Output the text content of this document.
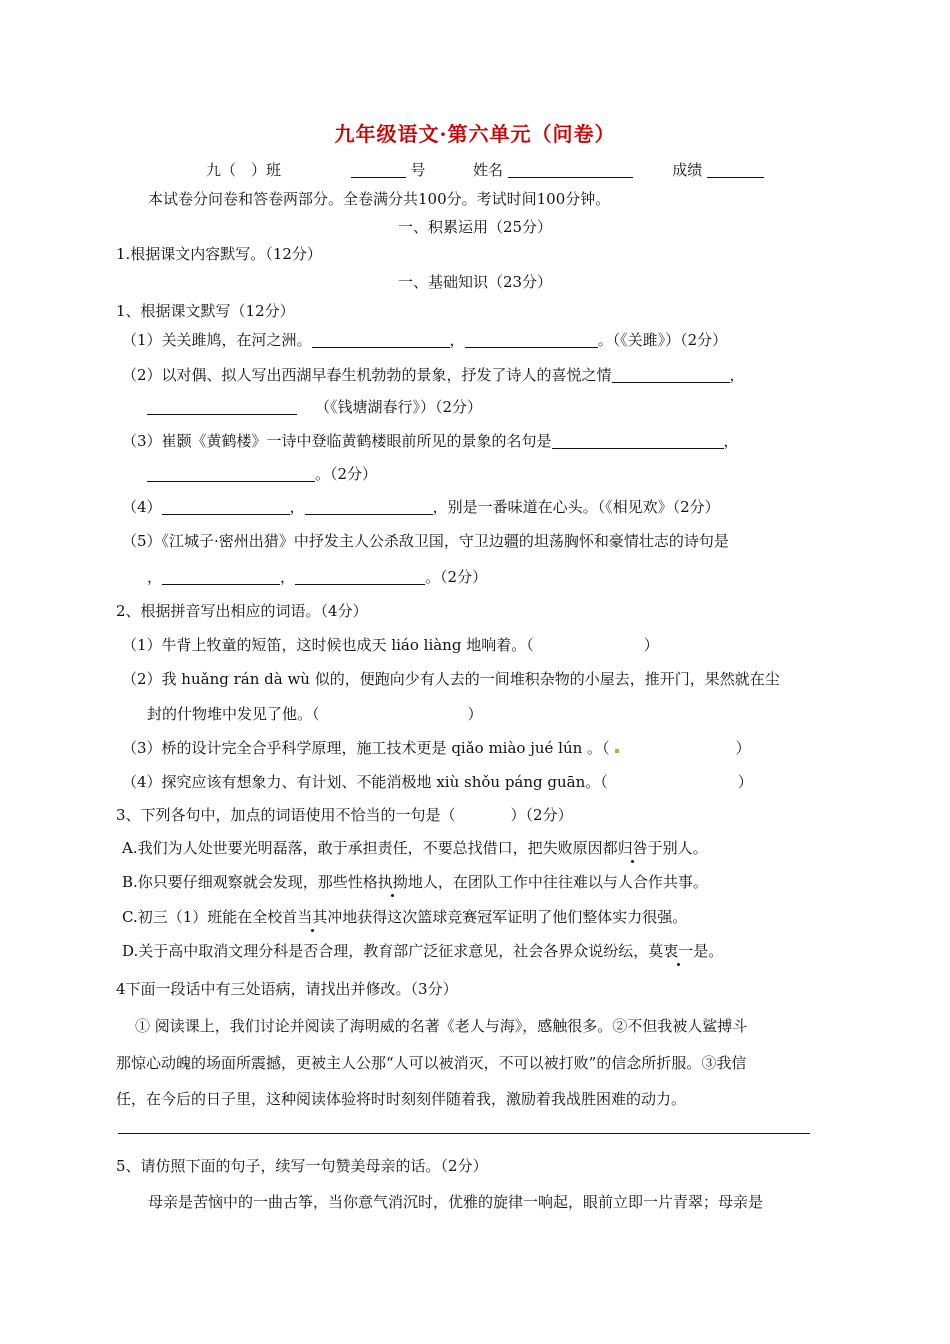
九年级语文·第六单元（问卷）
九（　）班	号	姓名	成绩
本试卷分问卷和答卷两部分。全卷满分共100分。考试时间100分钟。
一、积累运用（25分）
1.根据课文内容默写。（12分）
一、基础知识（23分）
1、根据课文默写（12分）
（1）关关雎鸠，在河之洲。	，	。（《关雎》）（2分）
（2）以对偶、拟人写出西湖早春生机勃勃的景象，抒发了诗人的喜悦之情	，
（《钱塘湖春行》）（2分）
（3）崔颢《黄鹤楼》一诗中登临黄鹤楼眼前所见的景象的名句是	，
。（2分）
（4）	，	，别是一番味道在心头。（《相见欢》（2分）
（5）《江城子·密州出猎》中抒发主人公杀敌卫国，守卫边疆的坦荡胸怀和豪情壮志的诗句是
，	，	。（2分）
2、根据拼音写出相应的词语。（4分）
（1）牛背上牧童的短笛，这时候也成天 liáo liàng 地响着。（	）
（2）我 huǎng rán dà wù 似的，便跑向少有人去的一间堆积杂物的小屋去，推开门，果然就在尘
封的什物堆中发见了他。（	）
（3）桥的设计完全合乎科学原理，施工技术更是 qiǎo miào jué lún 。（	）
（4）探究应该有想象力、有计划、不能消极地 xiù shǒu páng guān。（	）
3、下列各句中，加点的词语使用不恰当的一句是（	）（2分）
A.我们为人处世要光明磊落，敢于承担责任，不要总找借口，把失败原因都归咎于别人。
B.你只要仔细观察就会发现，那些性格执拗地人，在团队工作中往往难以与人合作共事。
C.初三（1）班能在全校首当其冲地获得这次篮球竞赛冠军证明了他们整体实力很强。
D.关于高中取消文理分科是否合理，教育部广泛征求意见，社会各界众说纷纭，莫衷一是。
4下面一段话中有三处语病，请找出并修改。（3分）
① 阅读课上，我们讨论并阅读了海明威的名著《老人与海》，感触很多。②不但我被人鲨搏斗
那惊心动魄的场面所震撼，更被主人公那“人可以被消灭，不可以被打败”的信念所折服。③我信
任，在今后的日子里，这种阅读体验将时时刻刻伴随着我，激励着我战胜困难的动力。
5、请仿照下面的句子，续写一句赞美母亲的话。（2分）
母亲是苦恼中的一曲古筝，当你意气消沉时，优雅的旋律一响起，眼前立即一片青翠；母亲是
